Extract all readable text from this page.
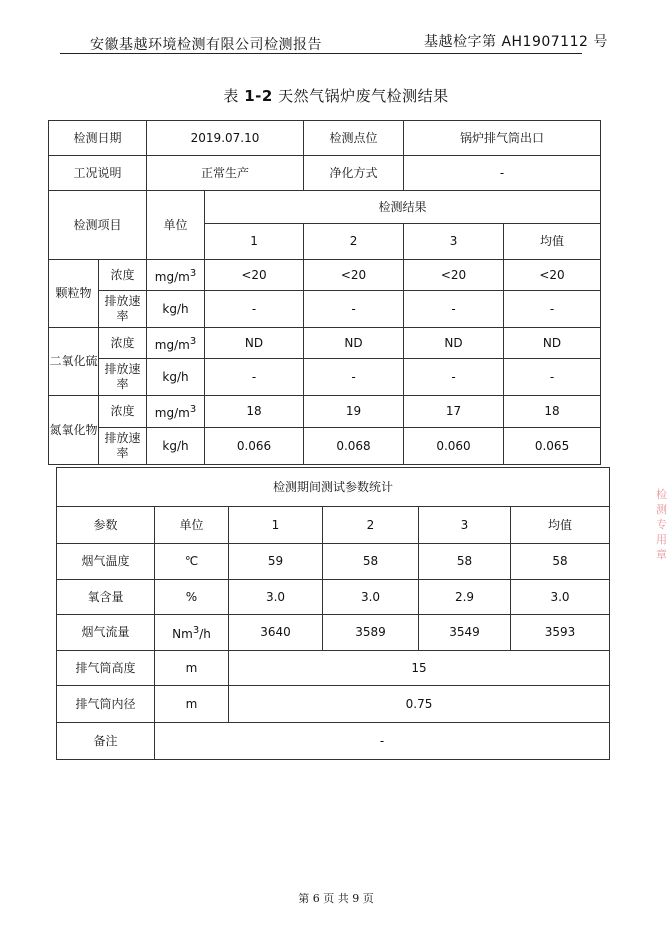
安徽基越环境检测有限公司检测报告	基越检字第 AH1907112 号
表 1-2 天然气锅炉废气检测结果
检测日期		2019.07.10		检测点位	锅炉排气筒出口	
工况说明		正常生产		净化方式	-	
检测项目		单位	检测结果			
			1	2	3	均值
颗粒物	浓度	$mg/m^3$	<20	<20	<20	<20
	排放速率	kg/h	-	-	-	-
二氧化硫	浓度	$mg/m^3$	ND	ND	ND	ND
	排放速率	kg/h	-	-	-	-
氮氧化物	浓度	$mg/m^3$	18	19	17	18
	排放速率	kg/h	0.066	0.068	0.060	0.065
检测期间测试参数统计					
参数	单位	1	2	3	均值
烟气温度	℃	59	58	58	58
氧含量	%	3.0	3.0	2.9	3.0
烟气流量	Nm$^3$/h	3640	3589	3549	3593
排气筒高度	m	15			
排气筒内径	m	0.75			
备注	-				
检测专用章
第 6 页 共 9 页
